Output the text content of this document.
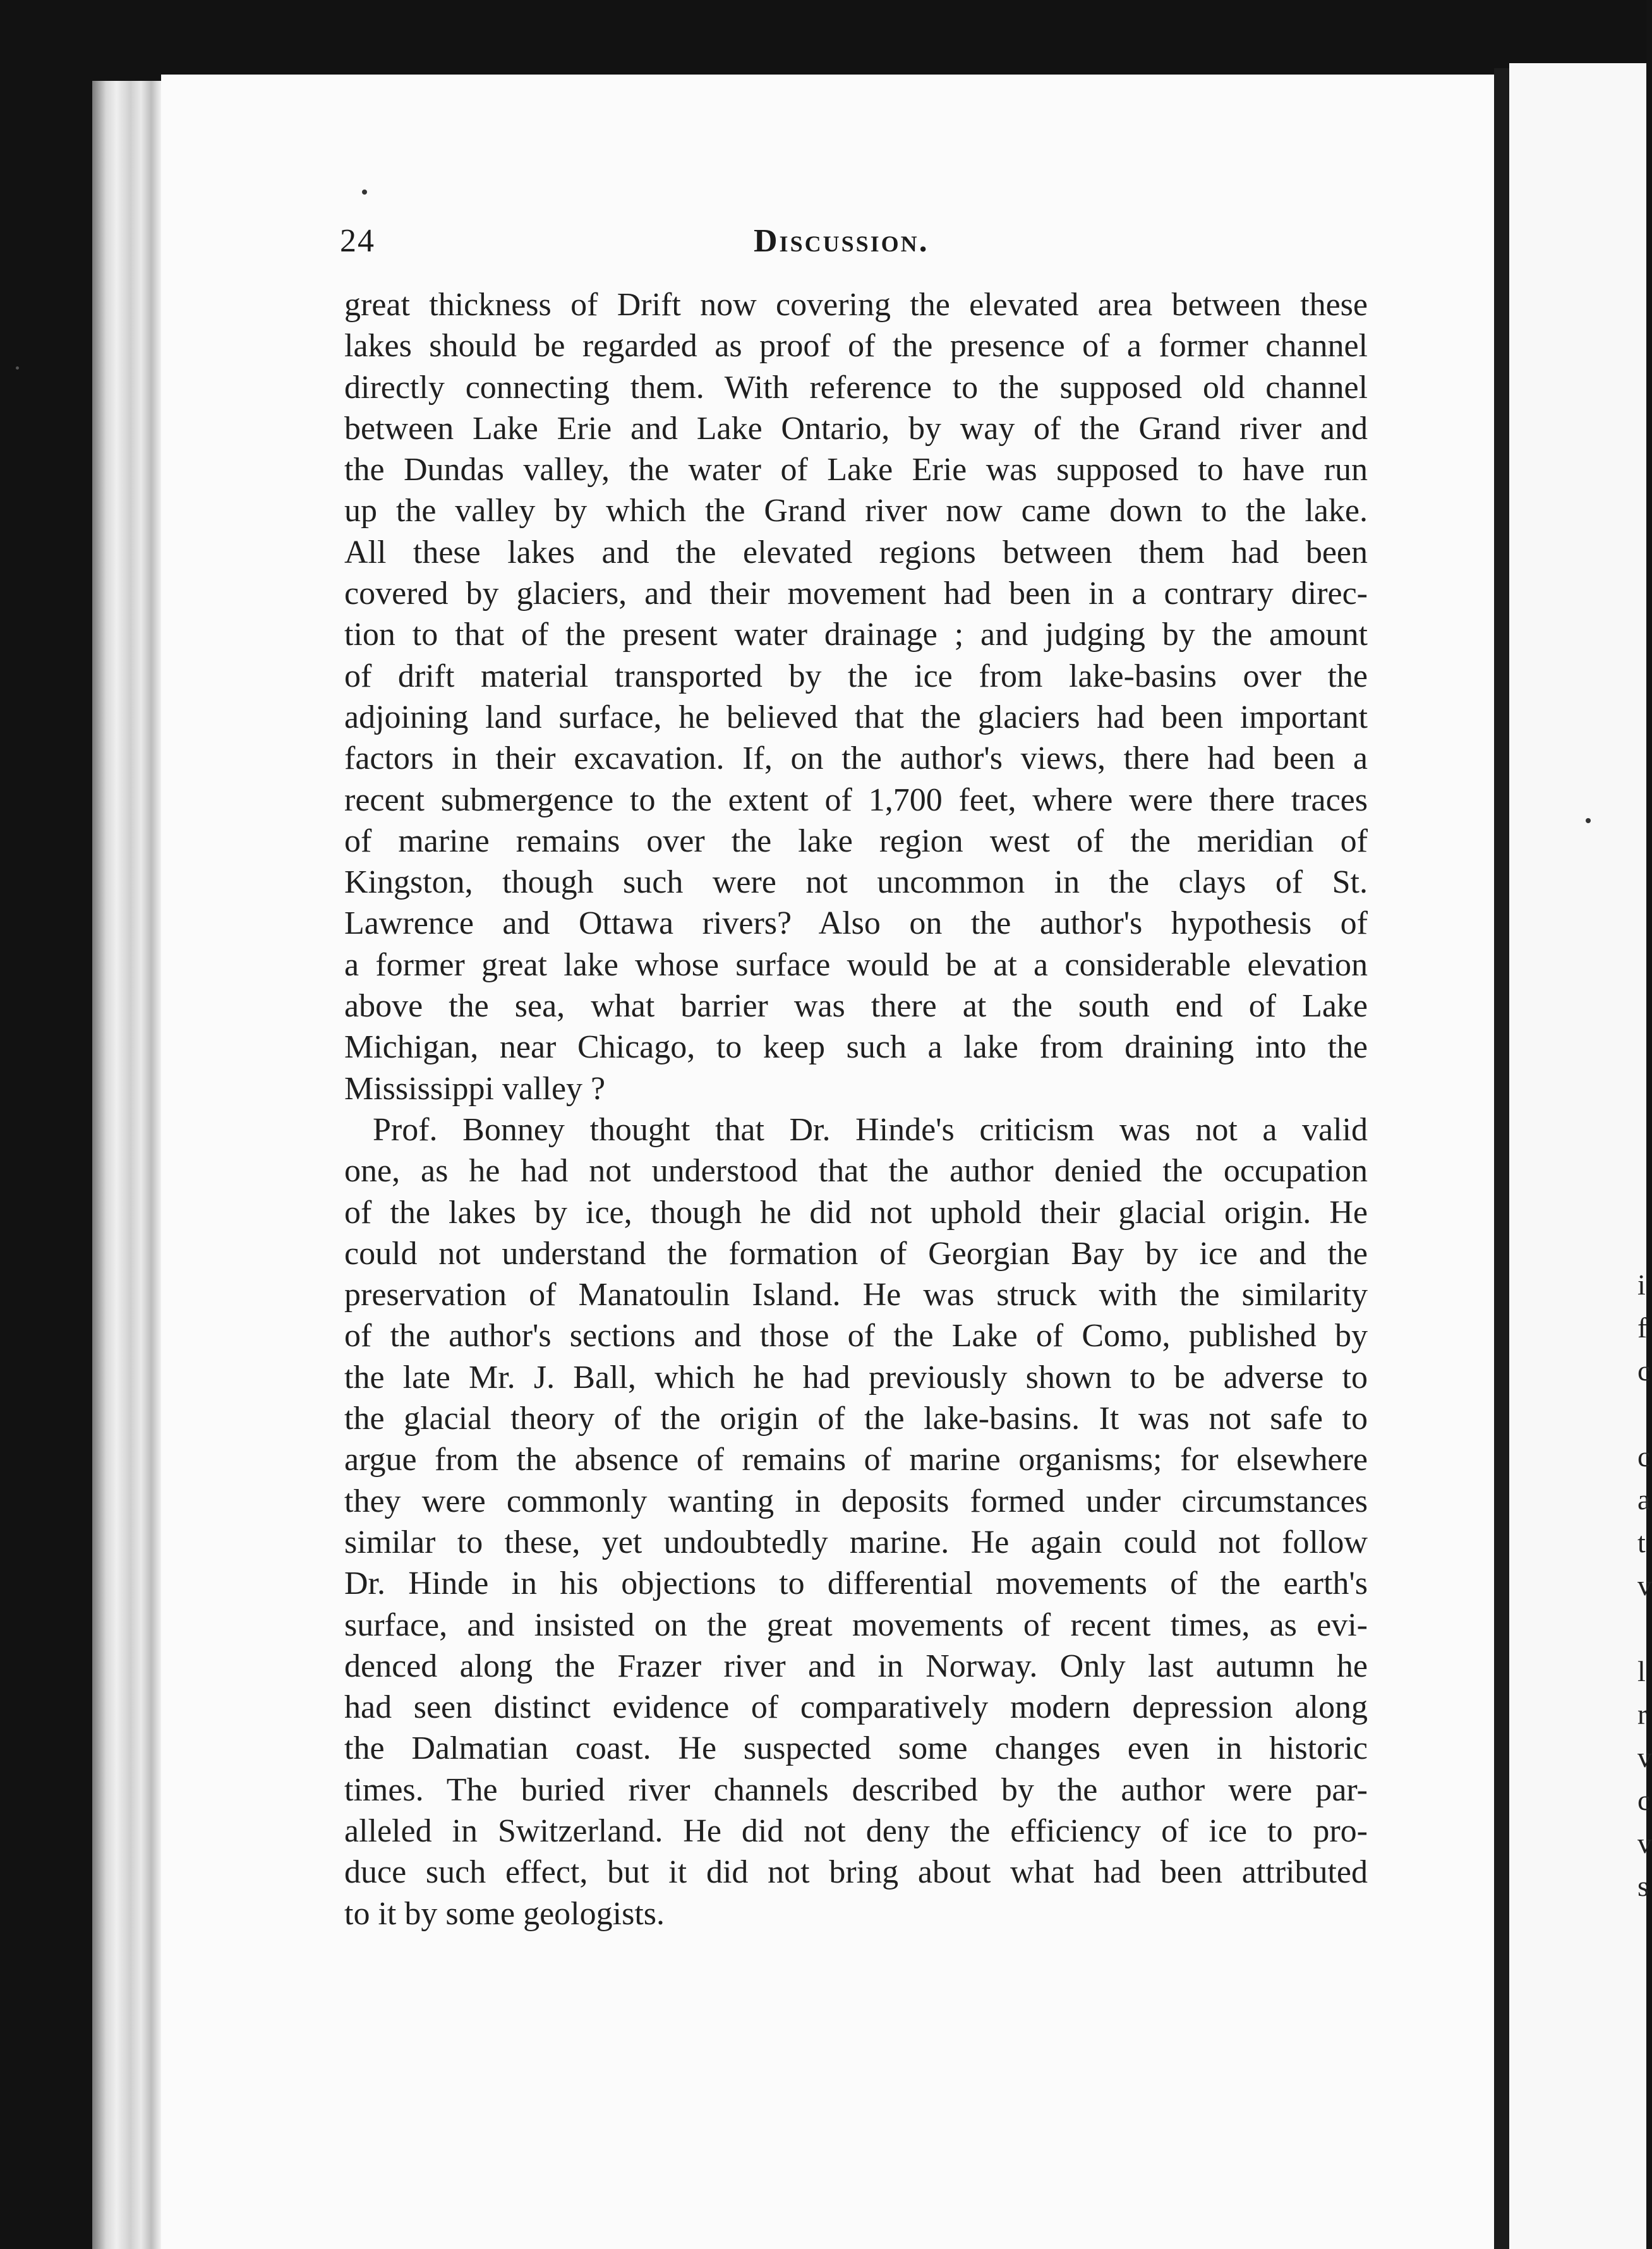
i
f
c

c
a
t
v

l
r
v
c
v
s
24	Discussion.
great thickness of Drift now covering the elevated area between these
lakes should be regarded as proof of the presence of a former channel
directly connecting them. With reference to the supposed old channel
between Lake Erie and Lake Ontario, by way of the Grand river and
the Dundas valley, the water of Lake Erie was supposed to have run
up the valley by which the Grand river now came down to the lake.
All these lakes and the elevated regions between them had been
covered by glaciers, and their movement had been in a contrary direc-
tion to that of the present water drainage ; and judging by the amount
of drift material transported by the ice from lake-basins over the
adjoining land surface, he believed that the glaciers had been important
factors in their excavation. If, on the author's views, there had been a
recent submergence to the extent of 1,700 feet, where were there traces
of marine remains over the lake region west of the meridian of
Kingston, though such were not uncommon in the clays of St.
Lawrence and Ottawa rivers? Also on the author's hypothesis of
a former great lake whose surface would be at a considerable elevation
above the sea, what barrier was there at the south end of Lake
Michigan, near Chicago, to keep such a lake from draining into the
Mississippi valley ?
Prof. Bonney thought that Dr. Hinde's criticism was not a valid
one, as he had not understood that the author denied the occupation
of the lakes by ice, though he did not uphold their glacial origin. He
could not understand the formation of Georgian Bay by ice and the
preservation of Manatoulin Island. He was struck with the similarity
of the author's sections and those of the Lake of Como, published by
the late Mr. J. Ball, which he had previously shown to be adverse to
the glacial theory of the origin of the lake-basins. It was not safe to
argue from the absence of remains of marine organisms; for elsewhere
they were commonly wanting in deposits formed under circumstances
similar to these, yet undoubtedly marine. He again could not follow
Dr. Hinde in his objections to differential movements of the earth's
surface, and insisted on the great movements of recent times, as evi-
denced along the Frazer river and in Norway. Only last autumn he
had seen distinct evidence of comparatively modern depression along
the Dalmatian coast. He suspected some changes even in historic
times. The buried river channels described by the author were par-
alleled in Switzerland. He did not deny the efficiency of ice to pro-
duce such effect, but it did not bring about what had been attributed
to it by some geologists.
